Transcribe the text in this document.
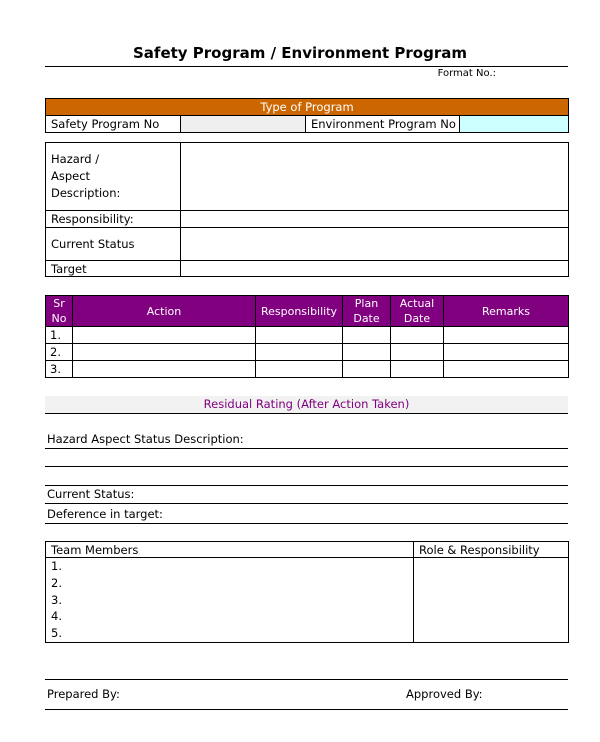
Safety Program / Environment Program
Format No.:
Type of Program
Safety Program No		Environment Program No	
Hazard / Aspect Description:	
Responsibility:	
Current Status	
Target	
Sr No	Action	Responsibility	Plan Date	Actual Date	Remarks
1.					
2.					
3.					
Residual Rating (After Action Taken)
Hazard Aspect Status Description:
Current Status:
Deference in target:
Team Members	Role & Responsibility

1.
2.
3.
4.
5.	

Prepared By:	Approved By:
